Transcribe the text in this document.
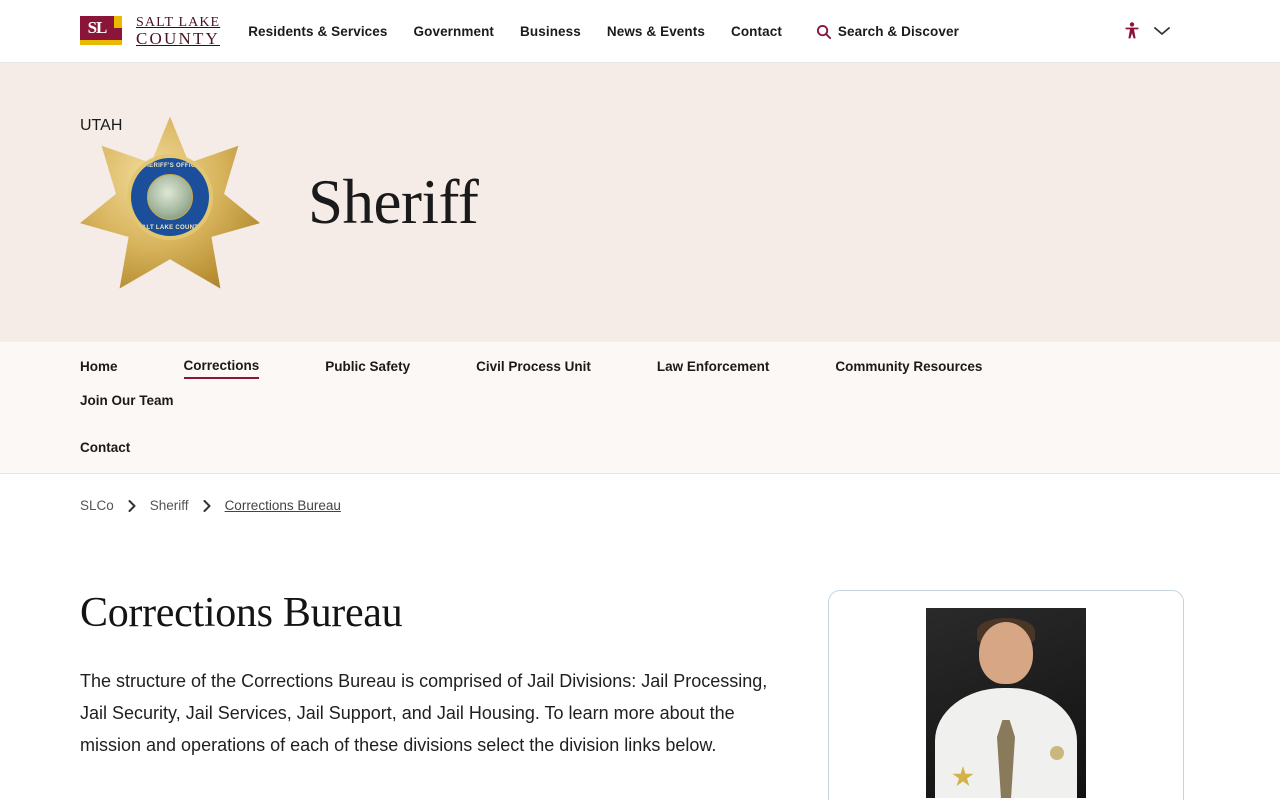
SL	SALT LAKE
COUNTY Residents & Services Government Business News & Events Contact	Search & Discover
SHERIFF'S OFFICE
SALT LAKE COUNTY
UTAH
Sheriff
Home	Corrections	Public Safety	Civil Process Unit	Law Enforcement	Community Resources
Join Our Team
Contact
SLCo	Sheriff	Corrections Bureau
Corrections Bureau

The structure of the Corrections Bureau is comprised of Jail Divisions: Jail Processing, Jail Security, Jail Services, Jail Support, and Jail Housing. To learn more about the mission and operations of each of these divisions select the division links below.
